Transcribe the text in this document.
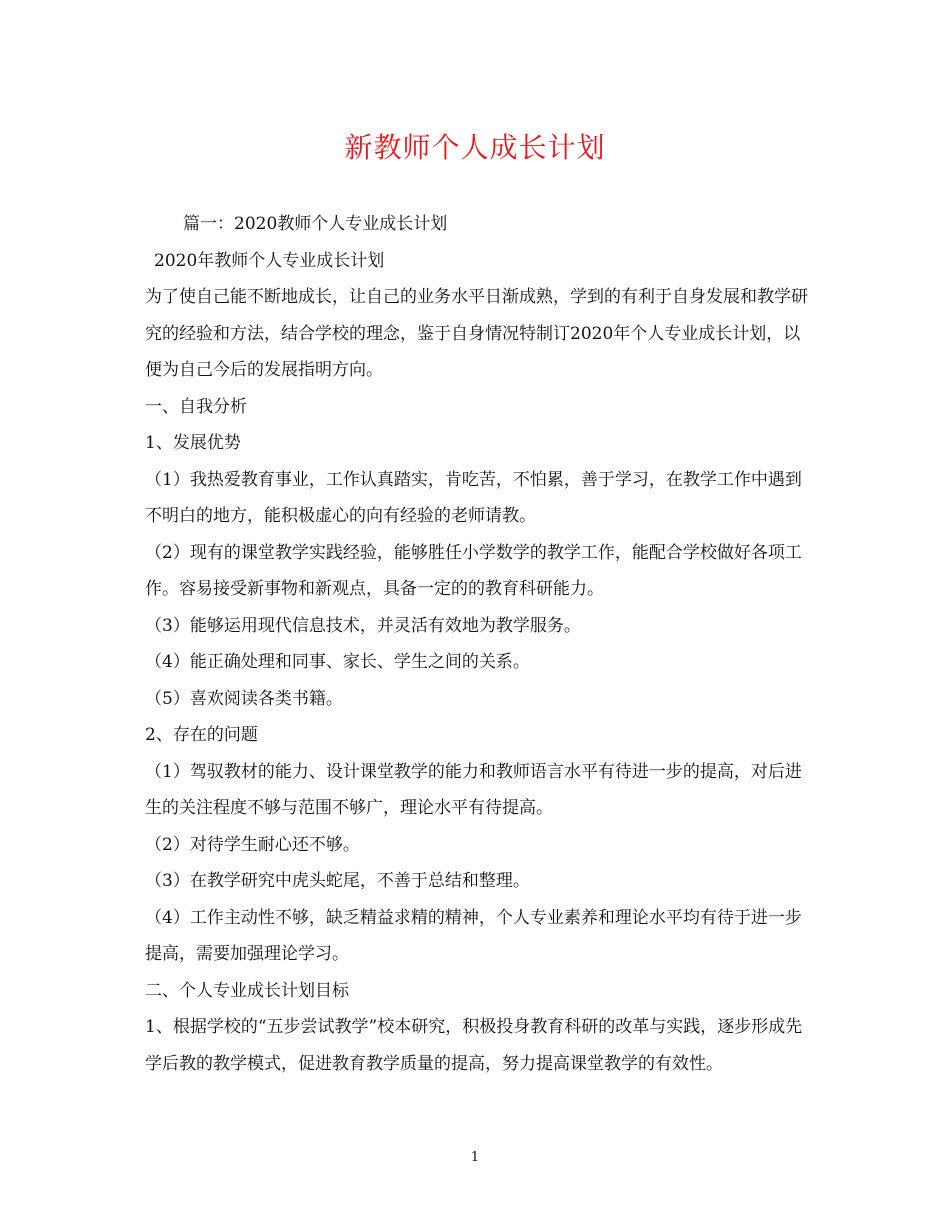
新教师个人成长计划

篇一：2020教师个人专业成长计划

2020年教师个人专业成长计划

为了使自己能不断地成长，让自己的业务水平日渐成熟，学到的有利于自身发展和教学研究的经验和方法，结合学校的理念，鉴于自身情况特制订2020年个人专业成长计划，以便为自己今后的发展指明方向。

一、自我分析

1、发展优势

（1）我热爱教育事业，工作认真踏实，肯吃苦，不怕累，善于学习，在教学工作中遇到不明白的地方，能积极虚心的向有经验的老师请教。

（2）现有的课堂教学实践经验，能够胜任小学数学的教学工作，能配合学校做好各项工作。容易接受新事物和新观点，具备一定的的教育科研能力。

（3）能够运用现代信息技术，并灵活有效地为教学服务。

（4）能正确处理和同事、家长、学生之间的关系。

（5）喜欢阅读各类书籍。

2、存在的问题

（1）驾驭教材的能力、设计课堂教学的能力和教师语言水平有待进一步的提高，对后进生的关注程度不够与范围不够广，理论水平有待提高。

（2）对待学生耐心还不够。

（3）在教学研究中虎头蛇尾，不善于总结和整理。

（4）工作主动性不够，缺乏精益求精的精神，个人专业素养和理论水平均有待于进一步提高，需要加强理论学习。

二、个人专业成长计划目标

1、根据学校的“五步尝试教学”校本研究，积极投身教育科研的改革与实践，逐步形成先学后教的教学模式，促进教育教学质量的提高，努力提高课堂教学的有效性。

1
